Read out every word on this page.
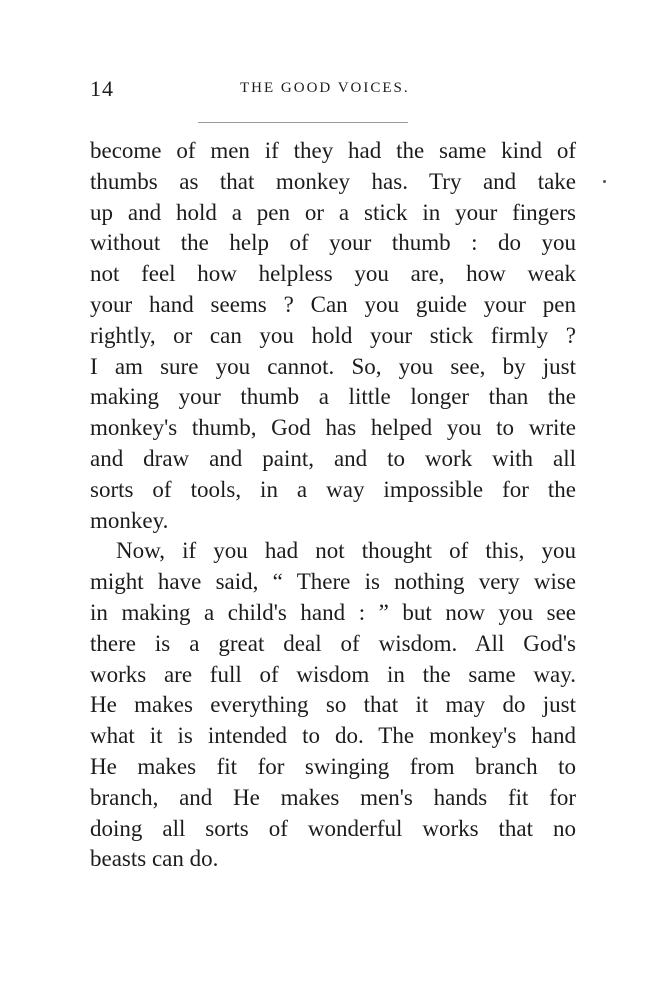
14	THE GOOD VOICES.

become of men if they had the same kind of
thumbs as that monkey has. Try and take
up and hold a pen or a stick in your fingers
without the help of your thumb : do you
not feel how helpless you are, how weak
your hand seems ? Can you guide your pen
rightly, or can you hold your stick firmly ?
I am sure you cannot. So, you see, by just
making your thumb a little longer than the
monkey's thumb, God has helped you to write
and draw and paint, and to work with all
sorts of tools, in a way impossible for the
monkey.

Now, if you had not thought of this, you
might have said, “ There is nothing very wise
in making a child's hand : ” but now you see
there is a great deal of wisdom. All God's
works are full of wisdom in the same way.
He makes everything so that it may do just
what it is intended to do. The monkey's hand
He makes fit for swinging from branch to
branch, and He makes men's hands fit for
doing all sorts of wonderful works that no
beasts can do.
